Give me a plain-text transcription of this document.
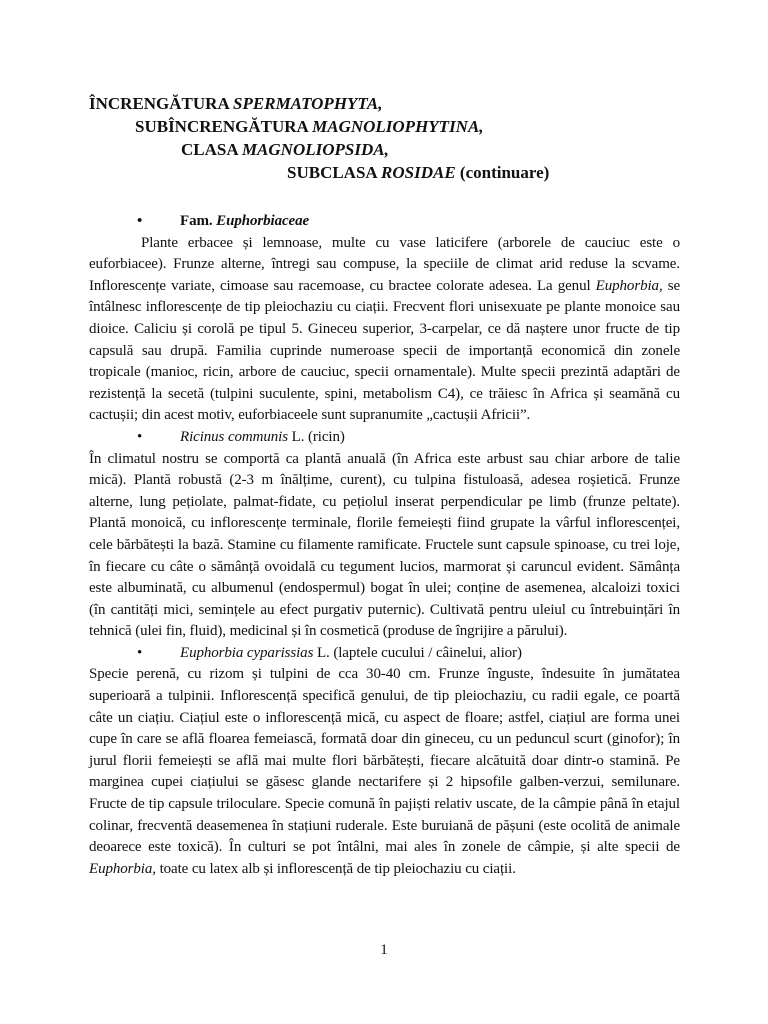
ÎNCRENGĂTURA SPERMATOPHYTA,
SUBÎNCRENGĂTURA MAGNOLIOPHYTINA,
CLASA MAGNOLIOPSIDA,
SUBCLASA ROSIDAE (continuare)
•	Fam. Euphorbiaceae

Plante erbacee și lemnoase, multe cu vase laticifere (arborele de cauciuc este o euforbiacee). Frunze alterne, întregi sau compuse, la speciile de climat arid reduse la scvame. Inflorescențe variate, cimoase sau racemoase, cu bractee colorate adesea. La genul Euphorbia, se întâlnesc inflorescențe de tip pleiochaziu cu ciații. Frecvent flori unisexuate pe plante monoice sau dioice. Caliciu și corolă pe tipul 5. Gineceu superior, 3-carpelar, ce dă naștere unor fructe de tip capsulă sau drupă. Familia cuprinde numeroase specii de importanță economică din zonele tropicale (manioc, ricin, arbore de cauciuc, specii ornamentale). Multe specii prezintă adaptări de rezistență la secetă (tulpini suculente, spini, metabolism C4), ce trăiesc în Africa și seamănă cu cactușii; din acest motiv, euforbiaceele sunt supranumite „cactușii Africii”.

•	Ricinus communis L. (ricin)

În climatul nostru se comportă ca plantă anuală (în Africa este arbust sau chiar arbore de talie mică). Plantă robustă (2-3 m înălțime, curent), cu tulpina fistuloasă, adesea roșietică. Frunze alterne, lung pețiolate, palmat-fidate, cu pețiolul inserat perpendicular pe limb (frunze peltate). Plantă monoică, cu inflorescențe terminale, florile femeiești fiind grupate la vârful inflorescenței, cele bărbătești la bază. Stamine cu filamente ramificate. Fructele sunt capsule spinoase, cu trei loje, în fiecare cu câte o sămânță ovoidală cu tegument lucios, marmorat și caruncul evident. Sămânța este albuminată, cu albumenul (endospermul) bogat în ulei; conține de asemenea, alcaloizi toxici (în cantități mici, semințele au efect purgativ puternic). Cultivată pentru uleiul cu întrebuințări în tehnică (ulei fin, fluid), medicinal și în cosmetică (produse de îngrijire a părului).

•	Euphorbia cyparissias L. (laptele cucului / câinelui, alior)

Specie perenă, cu rizom și tulpini de cca 30-40 cm. Frunze înguste, îndesuite în jumătatea superioară a tulpinii. Inflorescență specifică genului, de tip pleiochaziu, cu radii egale, ce poartă câte un ciațiu. Ciațiul este o inflorescență mică, cu aspect de floare; astfel, ciațiul are forma unei cupe în care se află floarea femeiască, formată doar din gineceu, cu un peduncul scurt (ginofor); în jurul florii femeiești se află mai multe flori bărbătești, fiecare alcătuită doar dintr-o stamină. Pe marginea cupei ciațiului se găsesc glande nectarifere și 2 hipsofile galben-verzui, semilunare. Fructe de tip capsule triloculare. Specie comună în pajiști relativ uscate, de la câmpie până în etajul colinar, frecventă deasemenea în stațiuni ruderale. Este buruiană de pășuni (este ocolită de animale deoarece este toxică). În culturi se pot întâlni, mai ales în zonele de câmpie, și alte specii de Euphorbia, toate cu latex alb și inflorescență de tip pleiochaziu cu ciații.

1
